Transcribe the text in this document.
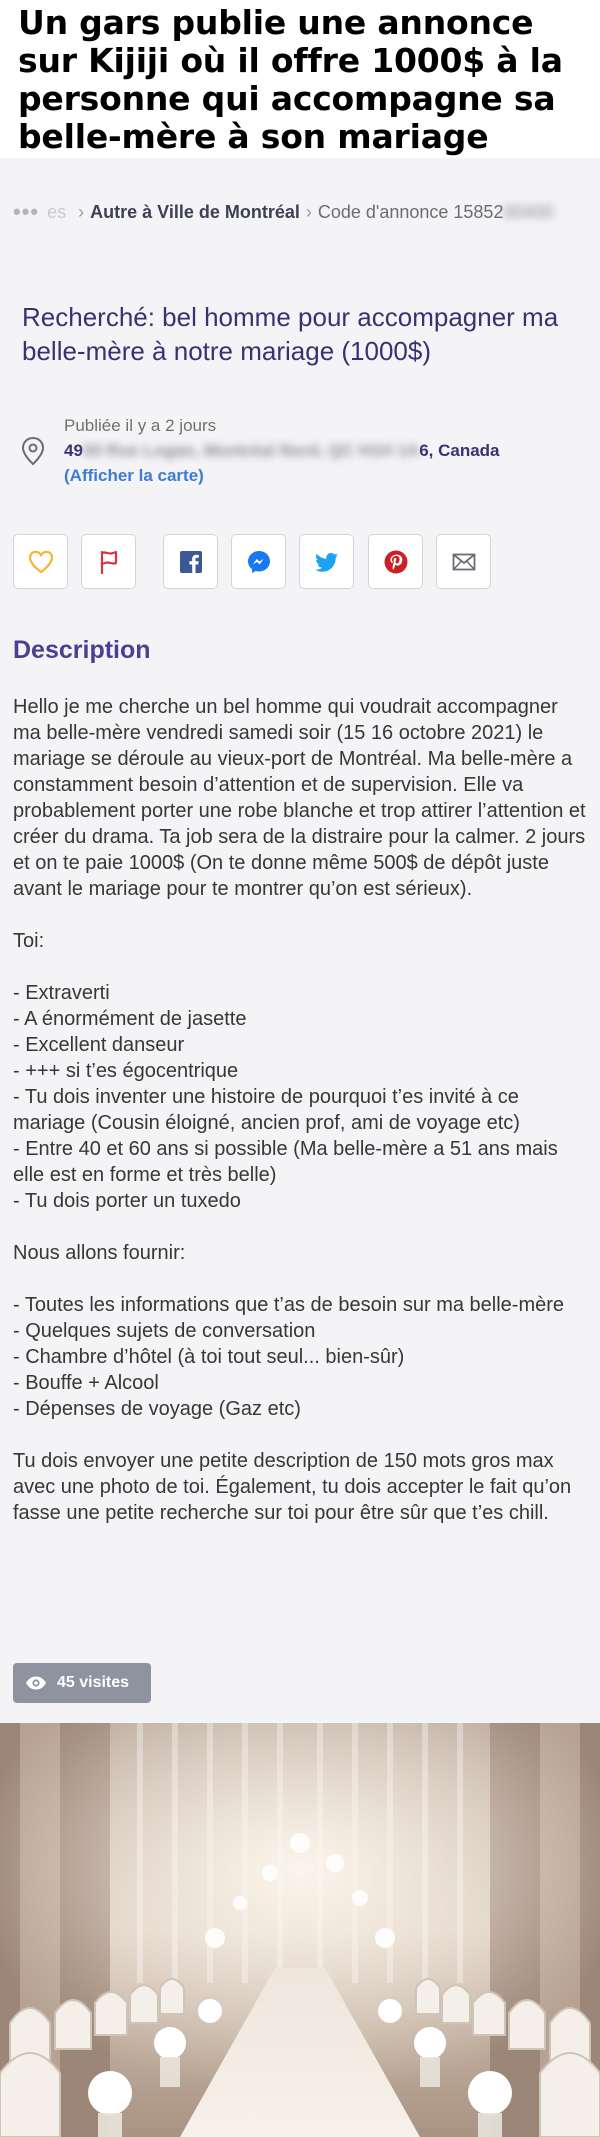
Un gars publie une annonce sur Kijiji où il offre 1000$ à la personne qui accompagne sa belle-mère à son mariage
••• es › Autre à Ville de Montréal › Code d'annonce 15852 00400
Recherché: bel homme pour accompagner ma belle-mère à notre mariage (1000$)
Publiée il y a 2 jours
4900 Rue Logan, Montréal Nord, QC H1H 1A6, Canada
(Afficher la carte)
Description

Hello je me cherche un bel homme qui voudrait accompagner ma belle-mère vendredi samedi soir (15 16 octobre 2021) le mariage se déroule au vieux-port de Montréal. Ma belle-mère a constamment besoin d’attention et de supervision. Elle va probablement porter une robe blanche et trop attirer l’attention et créer du drama. Ta job sera de la distraire pour la calmer. 2 jours et on te paie 1000$ (On te donne même 500$ de dépôt juste avant le mariage pour te montrer qu’on est sérieux).

Toi:

- Extraverti

- A énormément de jasette

- Excellent danseur

- +++ si t’es égocentrique

- Tu dois inventer une histoire de pourquoi t’es invité à ce mariage (Cousin éloigné, ancien prof, ami de voyage etc)

- Entre 40 et 60 ans si possible (Ma belle-mère a 51 ans mais elle est en forme et très belle)

- Tu dois porter un tuxedo

Nous allons fournir:

- Toutes les informations que t’as de besoin sur ma belle-mère

- Quelques sujets de conversation

- Chambre d’hôtel (à toi tout seul... bien-sûr)

- Bouffe + Alcool

- Dépenses de voyage (Gaz etc)

Tu dois envoyer une petite description de 150 mots gros max avec une photo de toi. Également, tu dois accepter le fait qu’on fasse une petite recherche sur toi pour être sûr que t’es chill.

45 visites
